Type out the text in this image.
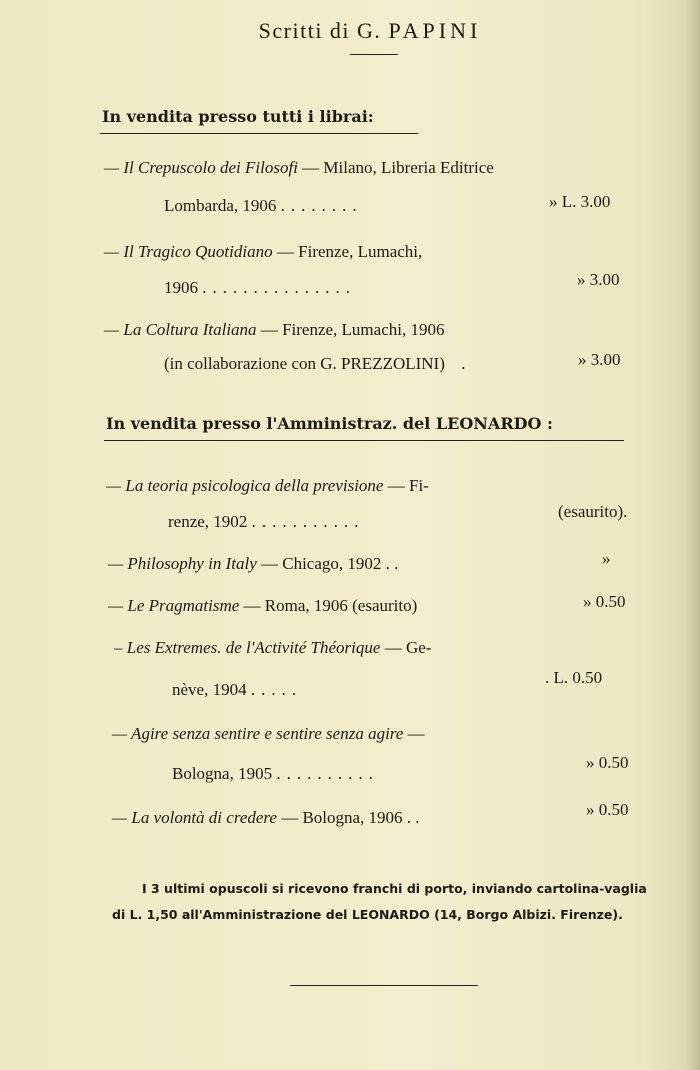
Scritti di G. PAPINI
In vendita presso tutti i librai:
— Il Crepuscolo dei Filosofi — Milano, Libreria Editrice
Lombarda, 1906 ........	» L. 3.00
— Il Tragico Quotidiano — Firenze, Lumachi,
1906 ...............	» 3.00
— La Coltura Italiana — Firenze, Lumachi, 1906
(in collaborazione con G. PREZZOLINI) .	» 3.00
In vendita presso l'Amministraz. del LEONARDO :
— La teoria psicologica della previsione — Fi-
renze, 1902 ...........
(esaurito).
— Philosophy in Italy — Chicago, 1902 . .	»
— Le Pragmatisme — Roma, 1906 (esaurito)	» 0.50
– Les Extremes. de l'Activité Théorique — Ge-
nève, 1904 .....
. L. 0.50
— Agire senza sentire e sentire senza agire —
Bologna, 1905 ..........
» 0.50
— La volontà di credere — Bologna, 1906 . .	» 0.50
I 3 ultimi opuscoli si ricevono franchi di porto, inviando cartolina-vaglia di L. 1,50 all'Amministrazione del LEONARDO (14, Borgo Albizi. Firenze).
